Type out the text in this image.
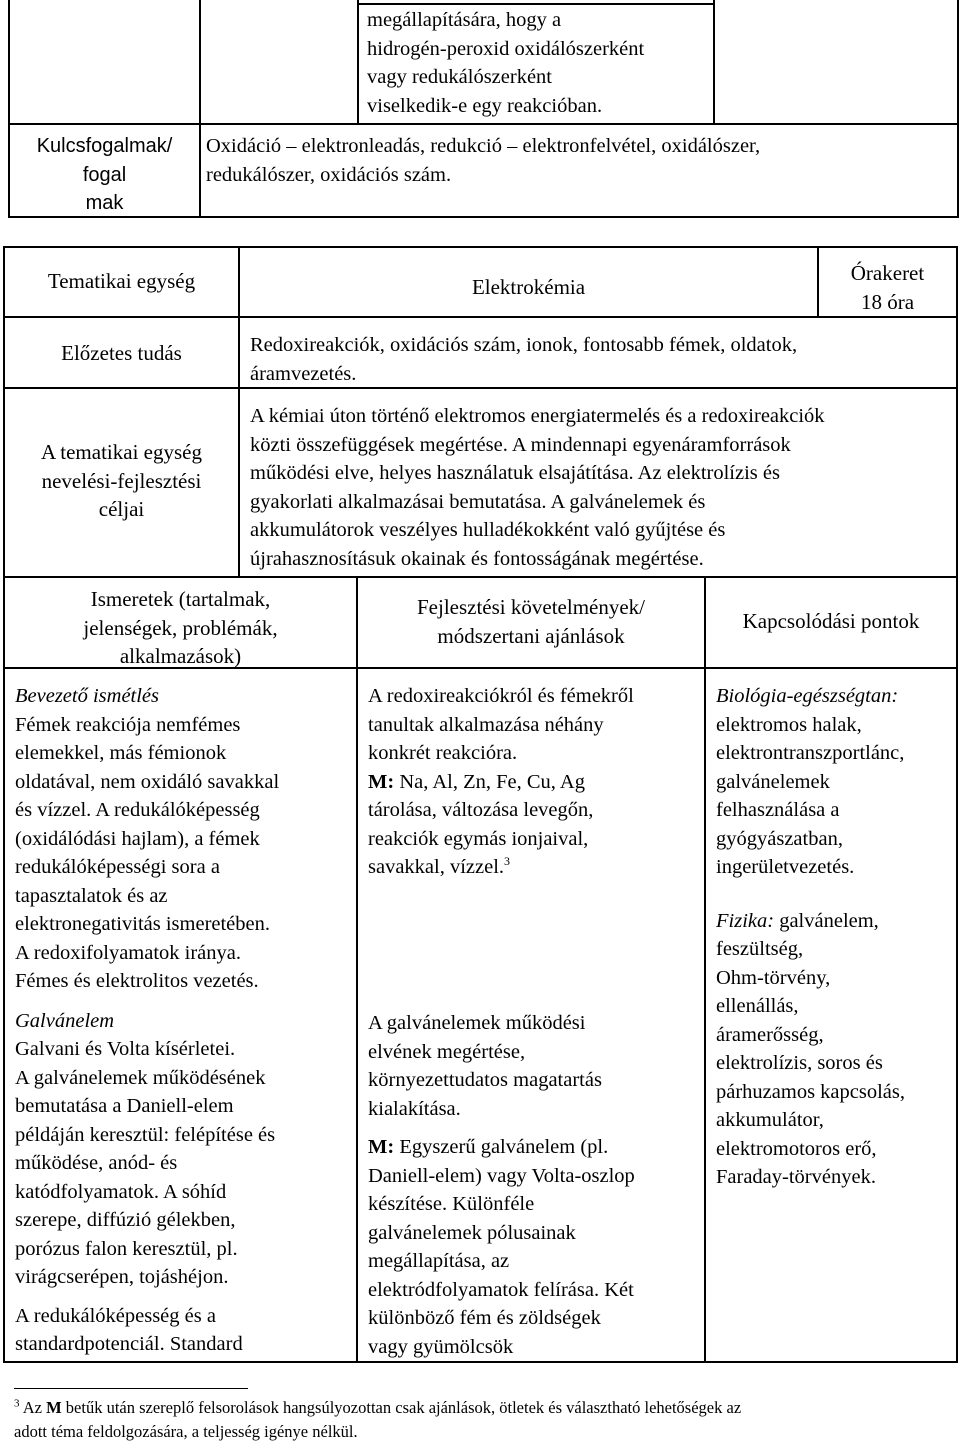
megállapítására, hogy a
hidrogén-peroxid oxidálószerként
vagy redukálószerként
viselkedik-e egy reakcióban.
Kulcsfogalmak/
fogal
mak
Oxidáció – elektronleadás, redukció – elektronfelvétel, oxidálószer,
redukálószer, oxidációs szám.
Tematikai egység	Elektrokémia
Órakeret
18 óra
Előzetes tudás	Redoxireakciók, oxidációs szám, ionok, fontosabb fémek, oldatok,
áramvezetés.
A tematikai egység
nevelési-fejlesztési
céljai
A kémiai úton történő elektromos energiatermelés és a redoxireakciók
közti összefüggések megértése. A mindennapi egyenáramforrások
működési elve, helyes használatuk elsajátítása. Az elektrolízis és
gyakorlati alkalmazásai bemutatása. A galvánelemek és
akkumulátorok veszélyes hulladékokként való gyűjtése és
újrahasznosításuk okainak és fontosságának megértése.
Ismeretek (tartalmak,
jelenségek, problémák,
alkalmazások)
Fejlesztési követelmények/
módszertani ajánlások
Kapcsolódási pontok
Bevezető ismétlés
Fémek reakciója nemfémes
elemekkel, más fémionok
oldatával, nem oxidáló savakkal
és vízzel. A redukálóképesség
(oxidálódási hajlam), a fémek
redukálóképességi sora a
tapasztalatok és az
elektronegativitás ismeretében.
A redoxifolyamatok iránya.
Fémes és elektrolitos vezetés.
Galvánelem
Galvani és Volta kísérletei.
A galvánelemek működésének
bemutatása a Daniell-elem
példáján keresztül: felépítése és
működése, anód- és
katódfolyamatok. A sóhíd
szerepe, diffúzió gélekben,
porózus falon keresztül, pl.
virágcserépen, tojáshéjon.
A redukálóképesség és a
standardpotenciál. Standard
A redoxireakciókról és fémekről
tanultak alkalmazása néhány
konkrét reakcióra.
M: Na, Al, Zn, Fe, Cu, Ag
tárolása, változása levegőn,
reakciók egymás ionjaival,
savakkal, vízzel.$^3$
A galvánelemek működési
elvének megértése,
környezettudatos magatartás
kialakítása.
M: Egyszerű galvánelem (pl.
Daniell-elem) vagy Volta-oszlop
készítése. Különféle
galvánelemek pólusainak
megállapítása, az
elektródfolyamatok felírása. Két
különböző fém és zöldségek
vagy gyümölcsök
Biológia-egészségtan:
elektromos halak,
elektrontranszportlánc,
galvánelemek
felhasználása a
gyógyászatban,
ingerületvezetés.
Fizika: galvánelem,
feszültség,
Ohm-törvény,
ellenállás,
áramerősség,
elektrolízis, soros és
párhuzamos kapcsolás,
akkumulátor,
elektromotoros erő,
Faraday-törvények.
$^3$ Az M betűk után szereplő felsorolások hangsúlyozottan csak ajánlások, ötletek és választható lehetőségek az
adott téma feldolgozására, a teljesség igénye nélkül.
